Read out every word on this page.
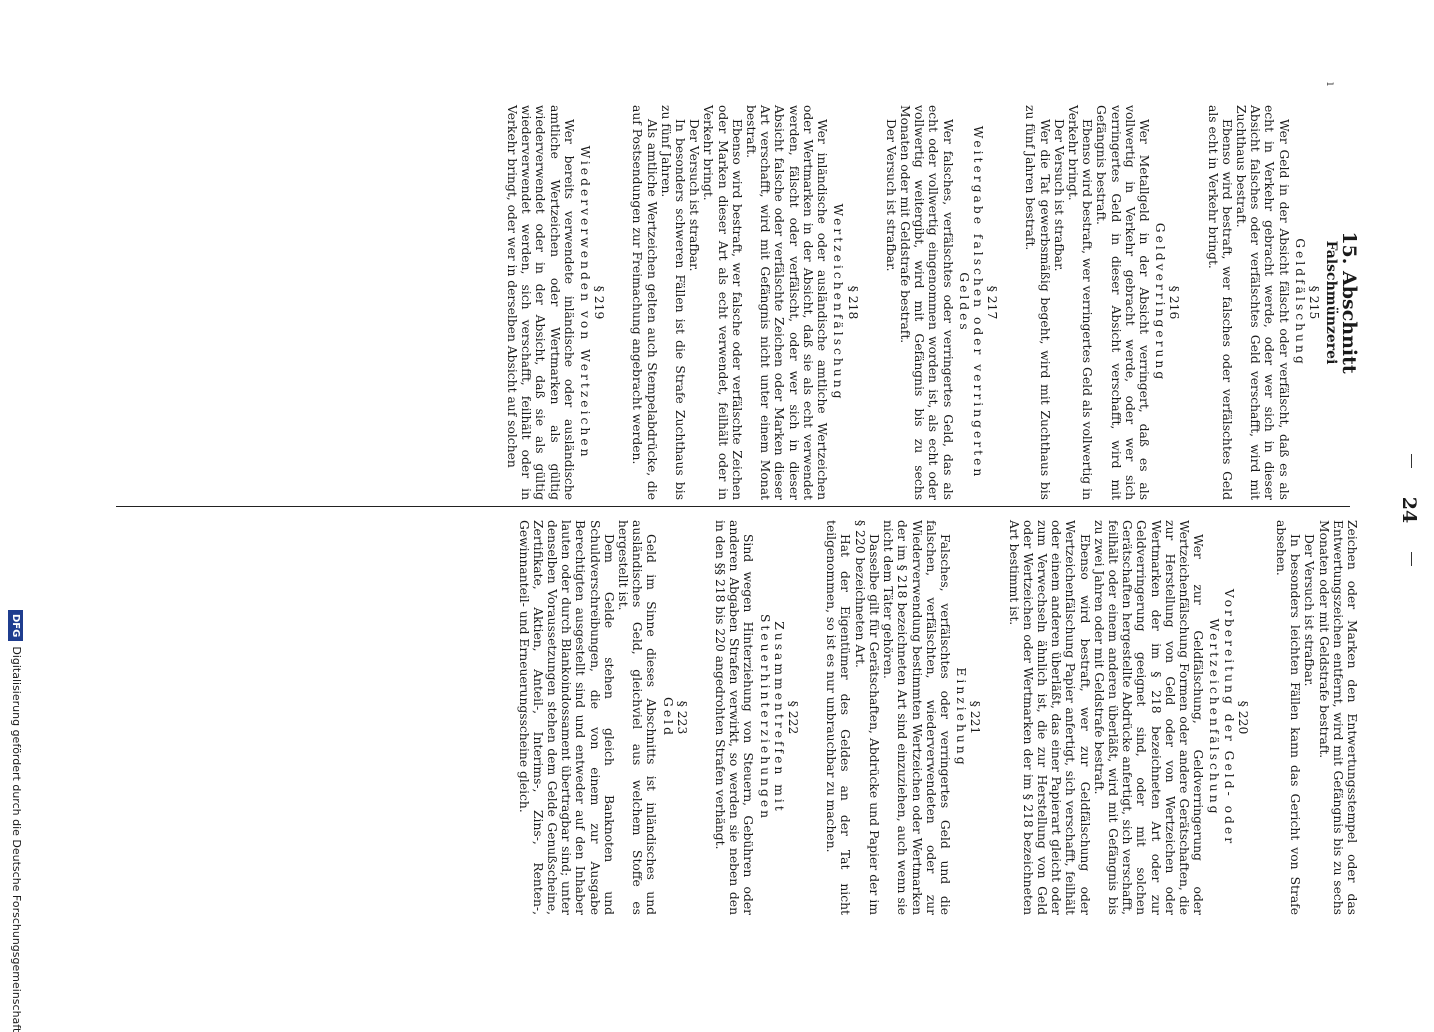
24
ı
15. Abschnitt
Falschmünzerei
§ 215
Geldfälschung

Wer Geld in der Absicht fälscht oder verfälscht, daß es als echt in Verkehr gebracht werde, oder wer sich in dieser Absicht falsches oder verfälschtes Geld verschafft, wird mit Zuchthaus bestraft.

Ebenso wird bestraft, wer falsches oder verfälschtes Geld als echt in Verkehr bringt.

§ 216
Geldverringerung

Wer Metallgeld in der Absicht verringert, daß es als vollwertig in Verkehr gebracht werde, oder wer sich verringertes Geld in dieser Absicht verschafft, wird mit Gefängnis bestraft.

Ebenso wird bestraft, wer verringertes Geld als vollwertig in Verkehr bringt.

Der Versuch ist strafbar.

Wer die Tat gewerbsmäßig begeht, wird mit Zuchthaus bis zu fünf Jahren bestraft.

§ 217
Weitergabe falschen oder verringerten Geldes

Wer falsches, verfälschtes oder verringertes Geld, das als echt oder vollwertig eingenommen worden ist, als echt oder vollwertig weitergibt, wird mit Gefängnis bis zu sechs Monaten oder mit Geldstrafe bestraft.

Der Versuch ist strafbar.

§ 218
Wertzeichenfälschung

Wer inländische oder ausländische amtliche Wertzeichen oder Wertmarken in der Absicht, daß sie als echt verwendet werden, fälscht oder verfälscht, oder wer sich in dieser Absicht falsche oder verfälschte Zeichen oder Marken dieser Art verschafft, wird mit Gefängnis nicht unter einem Monat bestraft.

Ebenso wird bestraft, wer falsche oder verfälschte Zeichen oder Marken dieser Art als echt verwendet, feilhält oder in Verkehr bringt.

Der Versuch ist strafbar.

In besonders schweren Fällen ist die Strafe Zuchthaus bis zu fünf Jahren.

Als amtliche Wertzeichen gelten auch Stempelabdrücke, die auf Postsendungen zur Freimachung angebracht werden.

§ 219
Wiederverwenden von Wertzeichen

Wer bereits verwendete inländische oder ausländische amtliche Wertzeichen oder Wertmarken als gültig wiederverwendet oder in der Absicht, daß sie als gültig wiederverwendet werden, sich verschafft, feilhält oder in Verkehr bringt, oder wer in derselben Absicht auf solchen

Zeichen oder Marken den Entwertungsstempel oder das Entwertungszeichen entfernt, wird mit Gefängnis bis zu sechs Monaten oder mit Geldstrafe bestraft.

Der Versuch ist strafbar.

In besonders leichten Fällen kann das Gericht von Strafe absehen.

§ 220
Vorbereitung der Geld- oder Wertzeichenfälschung

Wer zur Geldfälschung, Geldverringerung oder Wertzeichenfälschung Formen oder andere Gerätschaften, die zur Herstellung von Geld oder von Wertzeichen oder Wertmarken der im § 218 bezeichneten Art oder zur Geldverringerung geeignet sind, oder mit solchen Gerätschaften hergestellte Abdrücke anfertigt, sich verschafft, feilhält oder einem anderen überläßt, wird mit Gefängnis bis zu zwei Jahren oder mit Geldstrafe bestraft.

Ebenso wird bestraft, wer zur Geldfälschung oder Wertzeichenfälschung Papier anfertigt, sich verschafft, feilhält oder einem anderen überläßt, das einer Papierart gleicht oder zum Verwechseln ähnlich ist, die zur Herstellung von Geld oder Wertzeichen oder Wertmarken der im § 218 bezeichneten Art bestimmt ist.

§ 221
Einziehung

Falsches, verfälschtes oder verringertes Geld und die falschen, verfälschten, wiederverwendeten oder zur Wiederverwendung bestimmten Wertzeichen oder Wertmarken der im § 218 bezeichneten Art sind einzuziehen, auch wenn sie nicht dem Täter gehören.

Dasselbe gilt für Gerätschaften, Abdrücke und Papier der im § 220 bezeichneten Art.

Hat der Eigentümer des Geldes an der Tat nicht teilgenommen, so ist es nur unbrauchbar zu machen.

§ 222
Zusammentreffen mit Steuerhinterziehungen

Sind wegen Hinterziehung von Steuern, Gebühren oder anderen Abgaben Strafen verwirkt, so werden sie neben den in den §§ 218 bis 220 angedrohten Strafen verhängt.

§ 223
Geld

Geld im Sinne dieses Abschnitts ist inländisches und ausländisches Geld, gleichviel aus welchem Stoffe es hergestellt ist.

Dem Gelde stehen gleich Banknoten und Schuldverschreibungen, die von einem zur Ausgabe Berechtigten ausgestellt sind und entweder auf den Inhaber lauten oder durch Blankoindossament übertragbar sind; unter denselben Voraussetzungen stehen dem Gelde Genußscheine, Zertifikate, Aktien, Anteil-, Interims-, Zins-, Renten-, Gewinnanteil- und Erneuerungsscheine gleich.

DFGDigitalisierung gefördert durch die Deutsche Forschungsgemeinschaft
